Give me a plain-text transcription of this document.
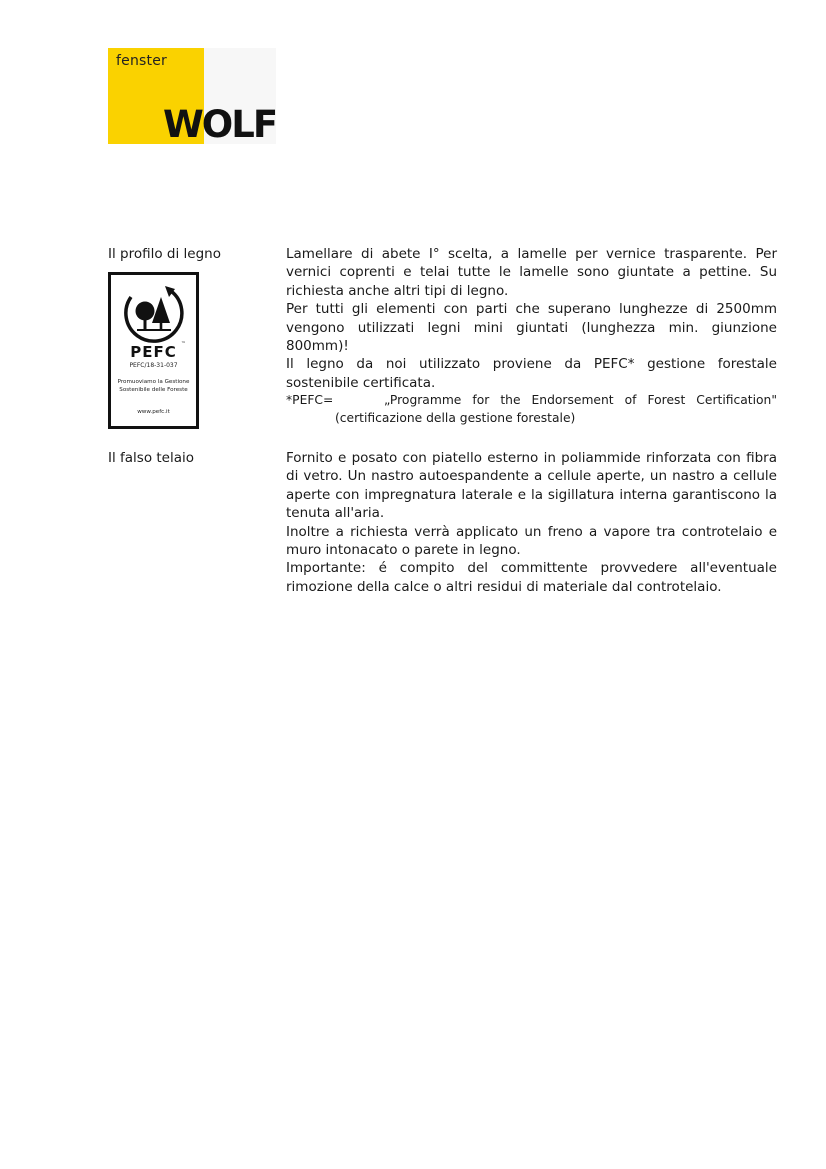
fenster
WOLF
Il profilo di legno	Lamellare di abete I° scelta, a lamelle per vernice trasparente. Per vernici coprenti e telai tutte le lamelle sono giuntate a pettine. Su richiesta anche altri tipi di legno.

Per tutti gli elementi con parti che superano lunghezze di 2500mm vengono utilizzati legni mini giuntati (lunghezza min. giunzione 800mm)!

Il legno da noi utilizzato proviene da PEFC* gestione forestale sostenibile certificata.

PEFC ™
PEFC/18-31-037
Promuoviamo la Gestione Sostenibile delle Foreste
www.pefc.it
*PEFC=	„Programme for the Endorsement of Forest Certification"
(certificazione della gestione forestale)
Il falso telaio	Fornito e posato con piatello esterno in poliammide rinforzata con fibra di vetro. Un nastro autoespandente a cellule aperte, un nastro a cellule aperte con impregnatura laterale e la sigillatura interna garantiscono la tenuta all'aria.

Inoltre a richiesta verrà applicato un freno a vapore tra controtelaio e muro intonacato o parete in legno.

Importante: é compito del committente provvedere all'eventuale rimozione della calce o altri residui di materiale dal controtelaio.
